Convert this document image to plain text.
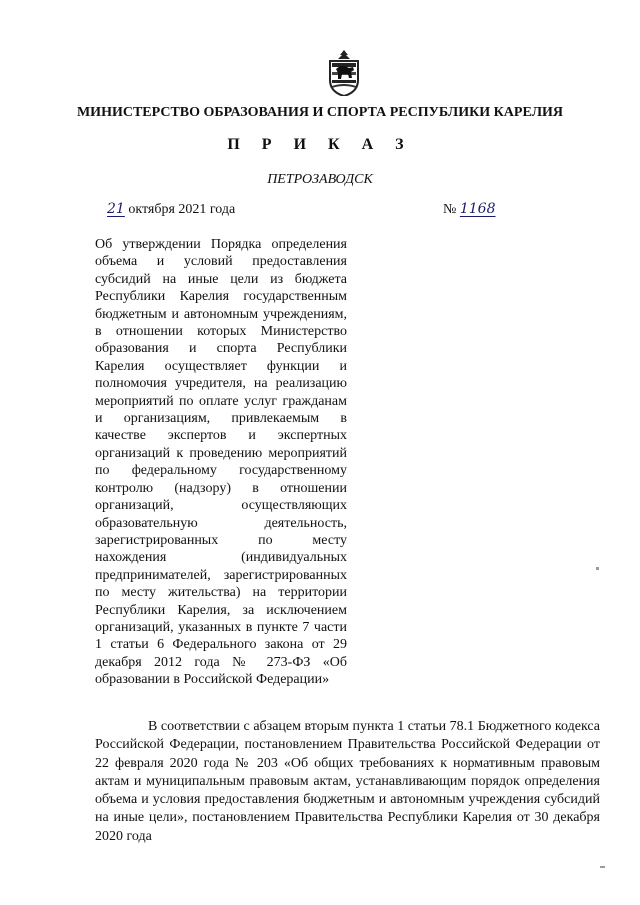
МИНИСТЕРСТВО ОБРАЗОВАНИЯ И СПОРТА РЕСПУБЛИКИ КАРЕЛИЯ
П Р И К А З
ПЕТРОЗАВОДСК
21 октября 2021 года	№ 1168
Об утверждении Порядка определения объема и условий предоставления субсидий на иные цели из бюджета Республики Карелия государственным бюджетным и автономным учреждениям, в отношении которых Министерство образования и спорта Республики Карелия осуществляет функции и полномочия учредителя, на реализацию мероприятий по оплате услуг гражданам и организациям, привлекаемым в качестве экспертов и экспертных организаций к проведению мероприятий по федеральному государственному контролю (надзору) в отношении организаций, осуществляющих образовательную деятельность, зарегистрированных по месту нахождения (индивидуальных предпринимателей, зарегистрированных по месту жительства) на территории Республики Карелия, за исключением организаций, указанных в пункте 7 части 1 статьи 6 Федерального закона от 29 декабря 2012 года № 273-ФЗ «Об образовании в Российской Федерации»
В соответствии с абзацем вторым пункта 1 статьи 78.1 Бюджетного кодекса Российской Федерации, постановлением Правительства Российской Федерации от 22 февраля 2020 года № 203 «Об общих требованиях к нормативным правовым актам и муниципальным правовым актам, устанавливающим порядок определения объема и условия предоставления бюджетным и автономным учреждения субсидий на иные цели», постановлением Правительства Республики Карелия от 30 декабря 2020 года
